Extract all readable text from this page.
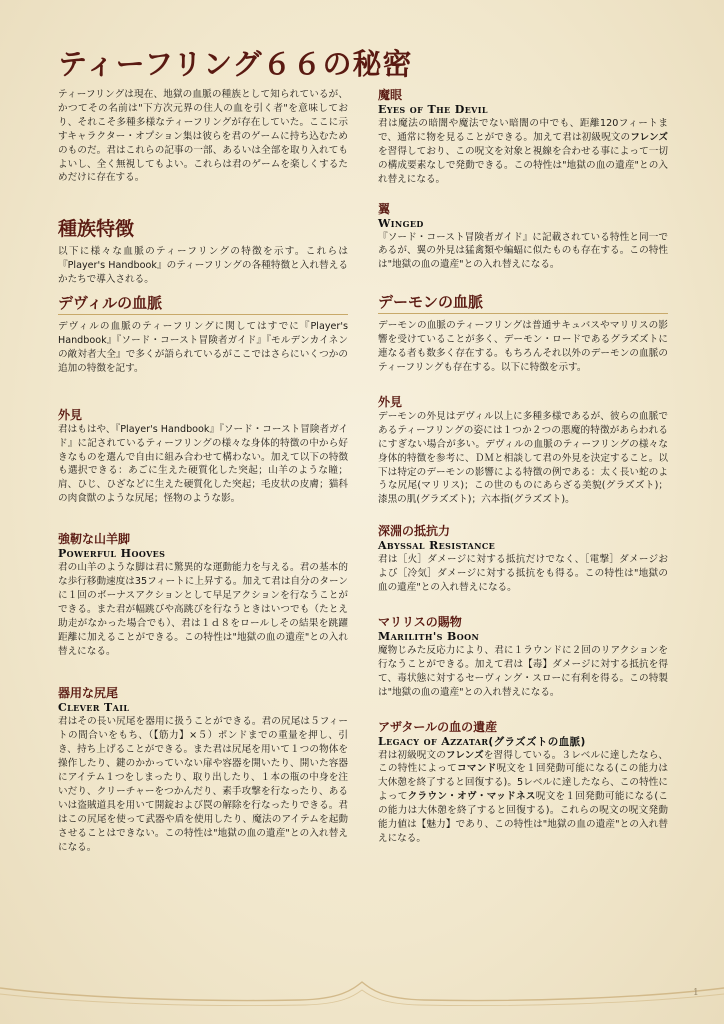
ティーフリング６６の秘密

ティーフリングは現在、地獄の血脈の種族として知られているが、かつてその名前は"下方次元界の住人の血を引く者"を意味しており、それこそ多種多様なティーフリングが存在していた。ここに示すキャラクター・オプション集は彼らを君のゲームに持ち込むためのものだ。君はこれらの記事の一部、あるいは全部を取り入れてもよいし、全く無視してもよい。これらは君のゲームを楽しくするためだけに存在する。

種族特徴

以下に様々な血脈のティーフリングの特徴を示す。これらは『Player's Handbook』のティーフリングの各種特徴と入れ替えるかたちで導入される。

デヴィルの血脈

デヴィルの血脈のティーフリングに関してはすでに『Player's Handbook』『ソード・コースト冒険者ガイド』『モルデンカイネンの敵対者大全』で多くが語られているがここではさらにいくつかの追加の特徴を記す。

外見

君はもはや、『Player's Handbook』『ソード・コースト冒険者ガイド』に記されているティーフリングの様々な身体的特徴の中から好きなものを選んで自由に組み合わせて構わない。加えて以下の特徴も選択できる：あごに生えた硬質化した突起；山羊のような瞳；肩、ひじ、ひざなどに生えた硬質化した突起；毛皮状の皮膚；猫科の肉食獣のような尻尾；怪物のような影。

強靭な山羊脚
Powerful Hooves

君の山羊のような脚は君に驚異的な運動能力を与える。君の基本的な歩行移動速度は35フィートに上昇する。加えて君は自分のターンに１回のボーナスアクションとして早足アクションを行なうことができる。また君が幅跳びや高跳びを行なうときはいつでも（たとえ助走がなかった場合でも）、君は１ｄ８をロールしその結果を跳躍距離に加えることができる。この特性は"地獄の血の遺産"との入れ替えになる。

器用な尻尾
Clever Tail

君はその長い尻尾を器用に扱うことができる。君の尻尾は５フィートの間合いをもち、（【筋力】×５）ポンドまでの重量を押し、引き、持ち上げることができる。また君は尻尾を用いて１つの物体を操作したり、鍵のかかっていない扉や容器を開いたり、開いた容器にアイテム１つをしまったり、取り出したり、１本の瓶の中身を注いだり、クリーチャーをつかんだり、素手攻撃を行なったり、あるいは盗賊道具を用いて開錠および罠の解除を行なったりできる。君はこの尻尾を使って武器や盾を使用したり、魔法のアイテムを起動させることはできない。この特性は"地獄の血の遺産"との入れ替えになる。

魔眼
Eyes of The Devil

君は魔法の暗闇や魔法でない暗闇の中でも、距離120フィートまで、通常に物を見ることができる。加えて君は初級呪文のフレンズを習得しており、この呪文を対象と視線を合わせる事によって一切の構成要素なしで発動できる。この特性は"地獄の血の遺産"との入れ替えになる。

翼
Winged

『ソード・コースト冒険者ガイド』に記載されている特性と同一であるが、翼の外見は猛禽類や蝙蝠に似たものも存在する。この特性は"地獄の血の遺産"との入れ替えになる。

デーモンの血脈

デーモンの血脈のティーフリングは普通サキュバスやマリリスの影響を受けていることが多く、デーモン・ロードであるグラズズトに連なる者も数多く存在する。もちろんそれ以外のデーモンの血脈のティーフリングも存在する。以下に特徴を示す。

外見

デーモンの外見はデヴィル以上に多種多様であるが、彼らの血脈であるティーフリングの姿には１つか２つの悪魔的特徴があらわれるにすぎない場合が多い。デヴィルの血脈のティーフリングの様々な身体的特徴を参考に、ＤＭと相談して君の外見を決定すること。以下は特定のデーモンの影響による特徴の例である：太く長い蛇のような尻尾(マリリス)；この世のものにあらざる美貌(グラズズト)；漆黒の肌(グラズズト)；六本指(グラズズト)。

深淵の抵抗力
Abyssal Resistance

君は［火］ダメージに対する抵抗だけでなく、［電撃］ダメージおよび［冷気］ダメージに対する抵抗をも得る。この特性は"地獄の血の遺産"との入れ替えになる。

マリリスの賜物
Marilith's Boon

魔物じみた反応力により、君に１ラウンドに２回のリアクションを行なうことができる。加えて君は【毒】ダメージに対する抵抗を得て、毒状態に対するセーヴィング・スローに有利を得る。この特製は"地獄の血の遺産"との入れ替えになる。

アザタールの血の遺産
Legacy of Azzatar(グラズズトの血脈)

君は初級呪文のフレンズを習得している。３レベルに達したなら、この特性によってコマンド呪文を１回発動可能になる(この能力は大休憩を終了すると回復する)。5レベルに達したなら、この特性によってクラウン・オヴ・マッドネス呪文を１回発動可能になる(この能力は大休憩を終了すると回復する)。これらの呪文の呪文発動能力値は【魅力】であり、この特性は"地獄の血の遺産"との入れ替えになる。

1
